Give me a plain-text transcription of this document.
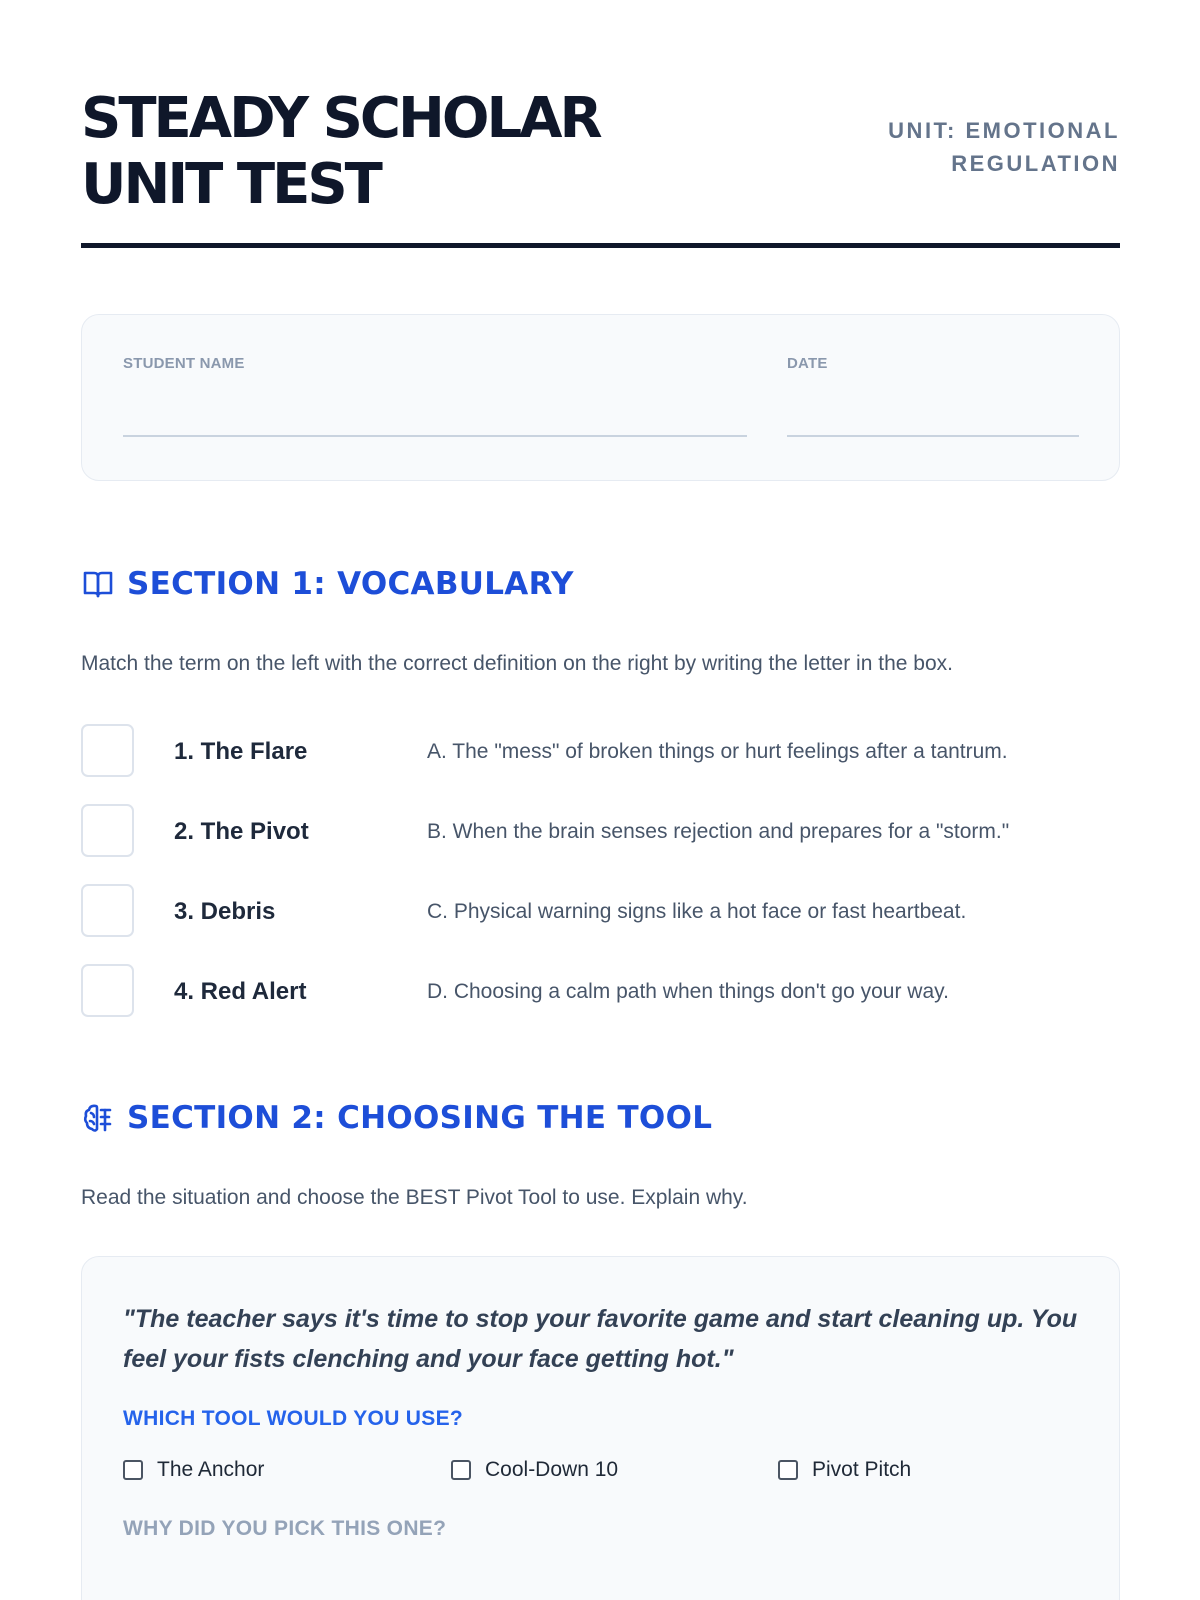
STEADY SCHOLAR
UNIT TEST
UNIT: EMOTIONAL
REGULATION
STUDENT NAME	DATE
SECTION 1: VOCABULARY
Match the term on the left with the correct definition on the right by writing the letter in the box.
1. The Flare	A. The "mess" of broken things or hurt feelings after a tantrum.
2. The Pivot	B. When the brain senses rejection and prepares for a "storm."
3. Debris	C. Physical warning signs like a hot face or fast heartbeat.
4. Red Alert	D. Choosing a calm path when things don't go your way.
SECTION 2: CHOOSING THE TOOL
Read the situation and choose the BEST Pivot Tool to use. Explain why.
"The teacher says it's time to stop your favorite game and start cleaning up. You feel your fists clenching and your face getting hot."
WHICH TOOL WOULD YOU USE?
The Anchor	Cool-Down 10	Pivot Pitch
WHY DID YOU PICK THIS ONE?
